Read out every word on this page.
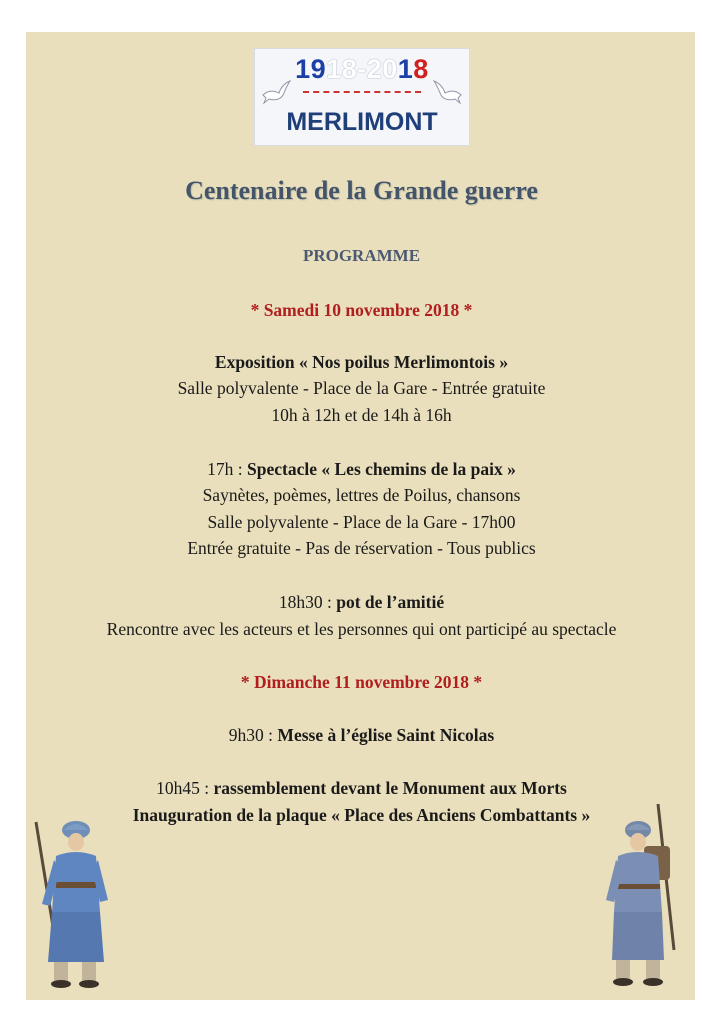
1918-2018
MERLIMONT
Centenaire de la Grande guerre
PROGRAMME
* Samedi 10 novembre 2018 *
Exposition « Nos poilus Merlimontois »
Salle polyvalente - Place de la Gare - Entrée gratuite
10h à 12h et de 14h à 16h
17h : Spectacle « Les chemins de la paix »
Saynètes, poèmes, lettres de Poilus, chansons
Salle polyvalente - Place de la Gare - 17h00
Entrée gratuite - Pas de réservation - Tous publics
18h30 : pot de l’amitié
Rencontre avec les acteurs et les personnes qui ont participé au spectacle
* Dimanche 11 novembre 2018 *
9h30 : Messe à l’église Saint Nicolas
10h45 : rassemblement devant le Monument aux Morts
Inauguration de la plaque « Place des Anciens Combattants »
